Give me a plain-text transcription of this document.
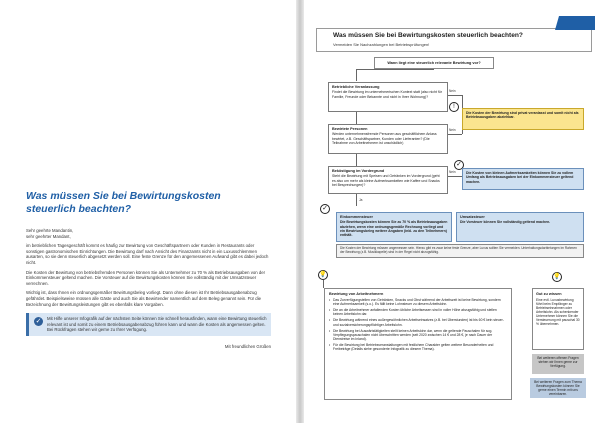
Was müssen Sie bei Bewirtungskosten steuerlich beachten?

Sehr geehrte Mandantin,

sehr geehrter Mandant,

im betrieblichen Tagesgeschäft kommt es häufig zur Bewirtung von Geschäftspartnern oder Kunden in Restaurants oder sonstigen gastronomischen Einrichtungen. Die Bewirtung darf nach Ansicht des Finanzamts nicht in ein Luxusschlemmen ausarten, so sie denn steuerlich abgesetzt werden soll. Eine feste Grenze für den angemessenen Aufwand gibt es dabei jedoch nicht.

Die Kosten der Bewirtung von betriebsfremden Personen können Sie als Unternehmer zu 70 % als Betriebsausgaben von der Einkommensteuer geltend machen. Die Vorsteuer auf die Bewirtungskosten können Sie vollständig mit der Umsatzsteuer verrechnen.

Wichtig ist, dass Ihnen ein ordnungsgemäßer Bewirtungsbeleg vorliegt. Dann ohne diesen ist Ihr Betriebsausgabenabzug gefährdet. Beispielsweise müssen alle Gäste und auch Sie als Bewirtender namentlich auf dem Beleg genannt sein. Für die Bezeichnung der Bewirtungsleistungen gibt es ebenfalls klare Vorgaben.

✓	Mit Hilfe unserer Infografik auf der nächsten Seite können Sie schnell herausfinden, wann eine Bewirtung steuerlich relevant ist und somit zu einem Betriebsausgabenabzug führen kann und wann die Kosten als angemessen gelten. Bei Rückfragen stehen wir gerne zu Ihrer Verfügung.

Mit freundlichen Grüßen
Was müssen Sie bei Bewirtungskosten steuerlich beachten?
Vermeiden Sie Nachzahlungen bei Betriebsprüfungen!
Wann liegt eine steuerlich relevante Bewirtung vor?
Betriebliche Veranlassung
Findet die Bewirtung im unternehmerischen Kontext statt (also nicht für Familie, Freunde oder Bekannte und nicht in Ihrer Wohnung)?
Nein
!
Die Kosten der Bewirtung sind privat veranlasst und somit nicht als Betriebsausgaben abziehbar.
Bewirtete Personen
Werden unternehmensfremde Personen aus geschäftlichem Anlass bewirtet, z.B. Geschäftspartner, Kunden oder Lieferanten? (Die Teilnahme von Arbeitnehmern ist unschädlich)
Nein
Beköstigung im Vordergrund
Steht die Bewirtung mit Speisen und Getränken im Vordergrund (geht es also um mehr als kleine Aufmerksamkeiten wie Kaffee und Snacks bei Besprechungen)?
Nein
✓
Die Kosten von kleinen Aufmerksamkeiten können Sie zu vollem Umfang als Betriebsausgaben bei der Einkommensteuer geltend machen.
Ja
✓
Einkommensteuer
Die Bewirtungskosten können Sie zu 70 % als Betriebsausgaben abziehen, wenn eine ordnungsgemäße Rechnung vorliegt und ein Bewirtungsbeleg weitere Angaben (inkl. zu den Teilnehmern) enthält.
Umsatzsteuer
Die Vorsteuer können Sie vollständig geltend machen.
Die Kosten der Bewirtung müssen angemessen sein. Hierzu gibt es zwar keine feste Grenze, aber Luxus sollten Sie vermeiden. Unterhaltungsdarbietungen im Rahmen der Bewirtung (z.B. Musikkapelle) sind in der Regel nicht abzugsfähig.
💡
Bewirtung von Arbeitnehmern
• Das Zurverfügungstellen von Getränken, Snacks und Obst während der Arbeitszeit ist keine Bewirtung, sondern eine Aufmerksamkeit (s.o.). Es fällt keine Lohnsteuer zu diesem Arbeitslohn.
• Die an die Arbeitnehmer anfallenden Kosten übliche Arbeitsessen sind in voller Höhe abzugsfähig und stellen keinen Arbeitslohn dar.
• Die Bewirtung während eines außergewöhnlichen Arbeitseinsatzes (z.B. bei Überstunden) ist bis 60 € kein steuer- und sozialversicherungspflichtiger Arbeitslohn.
• Die Bewirtung bei Auswärtstätigkeiten stellt keinen Arbeitslohn dar, wenn die geltende Pauschalen für sog. Verpflegungspauschalen nicht überschritten werden (seit 2020 zwischen 14 € und 28 €, je nach Dauer der Dienstreise im Inland).
• Für die Bewirtung bei Betriebsveranstaltungen mit festlichem Charakter gelten weitere Besonderheiten und Freibeträge (Details siehe gesonderte Infografik zu diesem Thema).
💡
Gut zu wissen
Eine evtl. Luxusbewirtung führt beim Empfänger zu Betriebseinnahmen oder Arbeitslohn. Als schenkender Unternehmer können Sie die Versteuerung mit pauschal 30 % übernehmen.
Bei weiteren offenen Fragen stehen wir Ihnen gerne zur Verfügung.
Bei weiteren Fragen zum Thema Bewirtungskosten können Sie gerne einen Termin mit uns vereinbaren.
